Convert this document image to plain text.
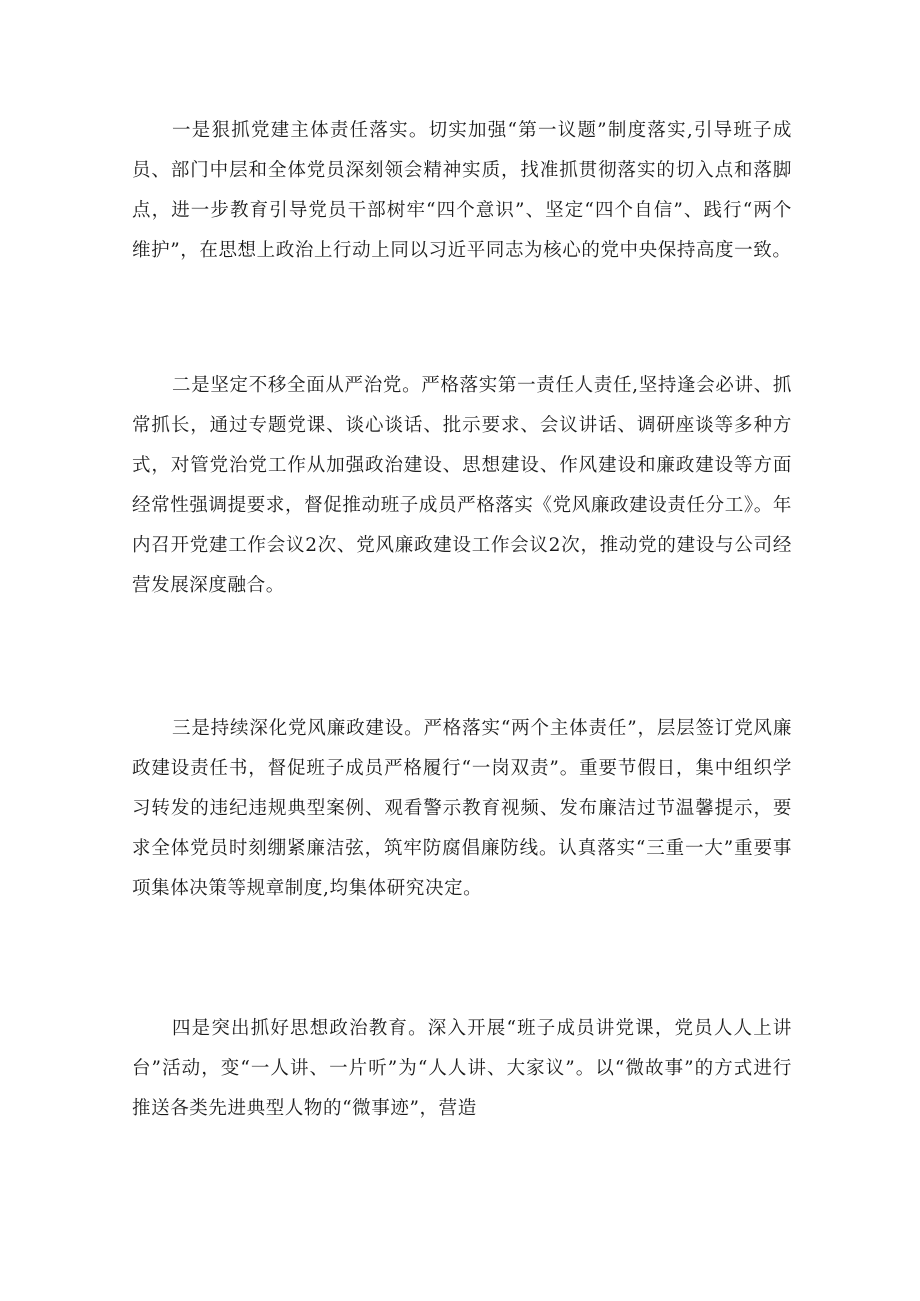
一是狠抓党建主体责任落实。切实加强“第一议题”制度落实,引导班子成员、部门中层和全体党员深刻领会精神实质，找准抓贯彻落实的切入点和落脚点，进一步教育引导党员干部树牢“四个意识”、坚定“四个自信”、践行“两个维护”，在思想上政治上行动上同以习近平同志为核心的党中央保持高度一致。

二是坚定不移全面从严治党。严格落实第一责任人责任,坚持逢会必讲、抓常抓长，通过专题党课、谈心谈话、批示要求、会议讲话、调研座谈等多种方式，对管党治党工作从加强政治建设、思想建设、作风建设和廉政建设等方面经常性强调提要求，督促推动班子成员严格落实《党风廉政建设责任分工》。年内召开党建工作会议2次、党风廉政建设工作会议2次，推动党的建设与公司经营发展深度融合。

三是持续深化党风廉政建设。严格落实“两个主体责任”，层层签订党风廉政建设责任书，督促班子成员严格履行“一岗双责”。重要节假日，集中组织学习转发的违纪违规典型案例、观看警示教育视频、发布廉洁过节温馨提示，要求全体党员时刻绷紧廉洁弦，筑牢防腐倡廉防线。认真落实“三重一大”重要事项集体决策等规章制度,均集体研究决定。

四是突出抓好思想政治教育。深入开展“班子成员讲党课，党员人人上讲台”活动，变“一人讲、一片听”为“人人讲、大家议”。以“微故事”的方式进行推送各类先进典型人物的“微事迹”，营造
